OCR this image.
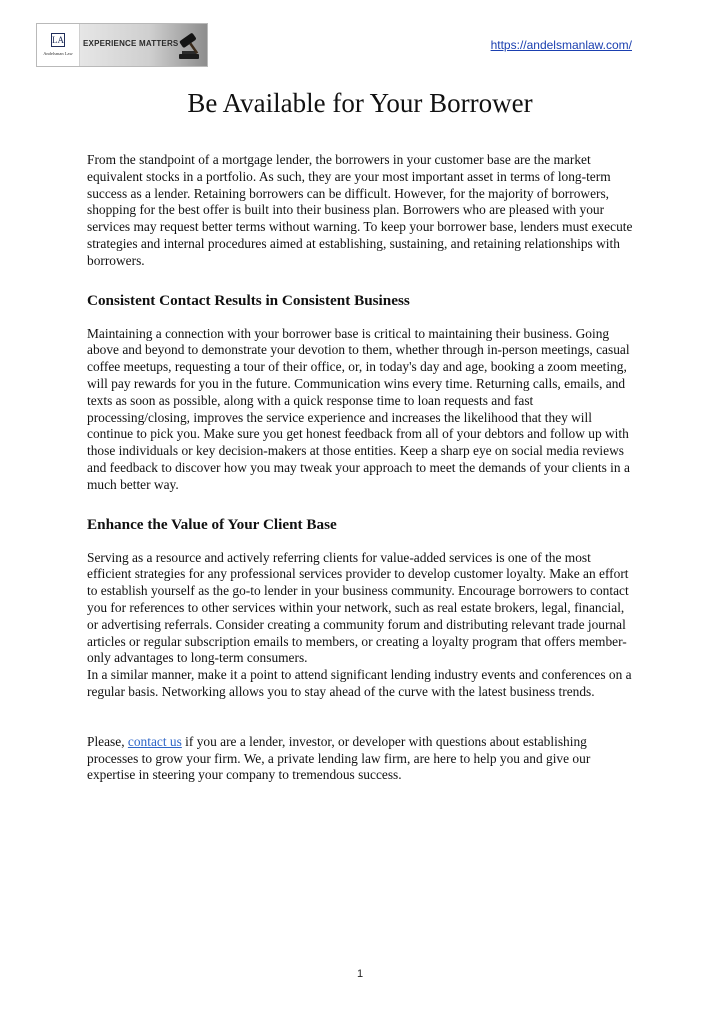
LA
Andelsman Law
EXPERIENCE MATTERS	https://andelsmanlaw.com/
Be Available for Your Borrower

From the standpoint of a mortgage lender, the borrowers in your customer base are the market equivalent stocks in a portfolio. As such, they are your most important asset in terms of long-term success as a lender. Retaining borrowers can be difficult. However, for the majority of borrowers, shopping for the best offer is built into their business plan. Borrowers who are pleased with your services may request better terms without warning. To keep your borrower base, lenders must execute strategies and internal procedures aimed at establishing, sustaining, and retaining relationships with borrowers.

Consistent Contact Results in Consistent Business

Maintaining a connection with your borrower base is critical to maintaining their business. Going above and beyond to demonstrate your devotion to them, whether through in-person meetings, casual coffee meetups, requesting a tour of their office, or, in today's day and age, booking a zoom meeting, will pay rewards for you in the future. Communication wins every time. Returning calls, emails, and texts as soon as possible, along with a quick response time to loan requests and fast processing/closing, improves the service experience and increases the likelihood that they will continue to pick you. Make sure you get honest feedback from all of your debtors and follow up with those individuals or key decision-makers at those entities. Keep a sharp eye on social media reviews and feedback to discover how you may tweak your approach to meet the demands of your clients in a much better way.

Enhance the Value of Your Client Base

Serving as a resource and actively referring clients for value-added services is one of the most efficient strategies for any professional services provider to develop customer loyalty. Make an effort to establish yourself as the go-to lender in your business community. Encourage borrowers to contact you for references to other services within your network, such as real estate brokers, legal, financial, or advertising referrals. Consider creating a community forum and distributing relevant trade journal articles or regular subscription emails to members, or creating a loyalty program that offers member-only advantages to long-term consumers.

In a similar manner, make it a point to attend significant lending industry events and conferences on a regular basis. Networking allows you to stay ahead of the curve with the latest business trends.

Please, contact us if you are a lender, investor, or developer with questions about establishing processes to grow your firm. We, a private lending law firm, are here to help you and give our expertise in steering your company to tremendous success.

1
